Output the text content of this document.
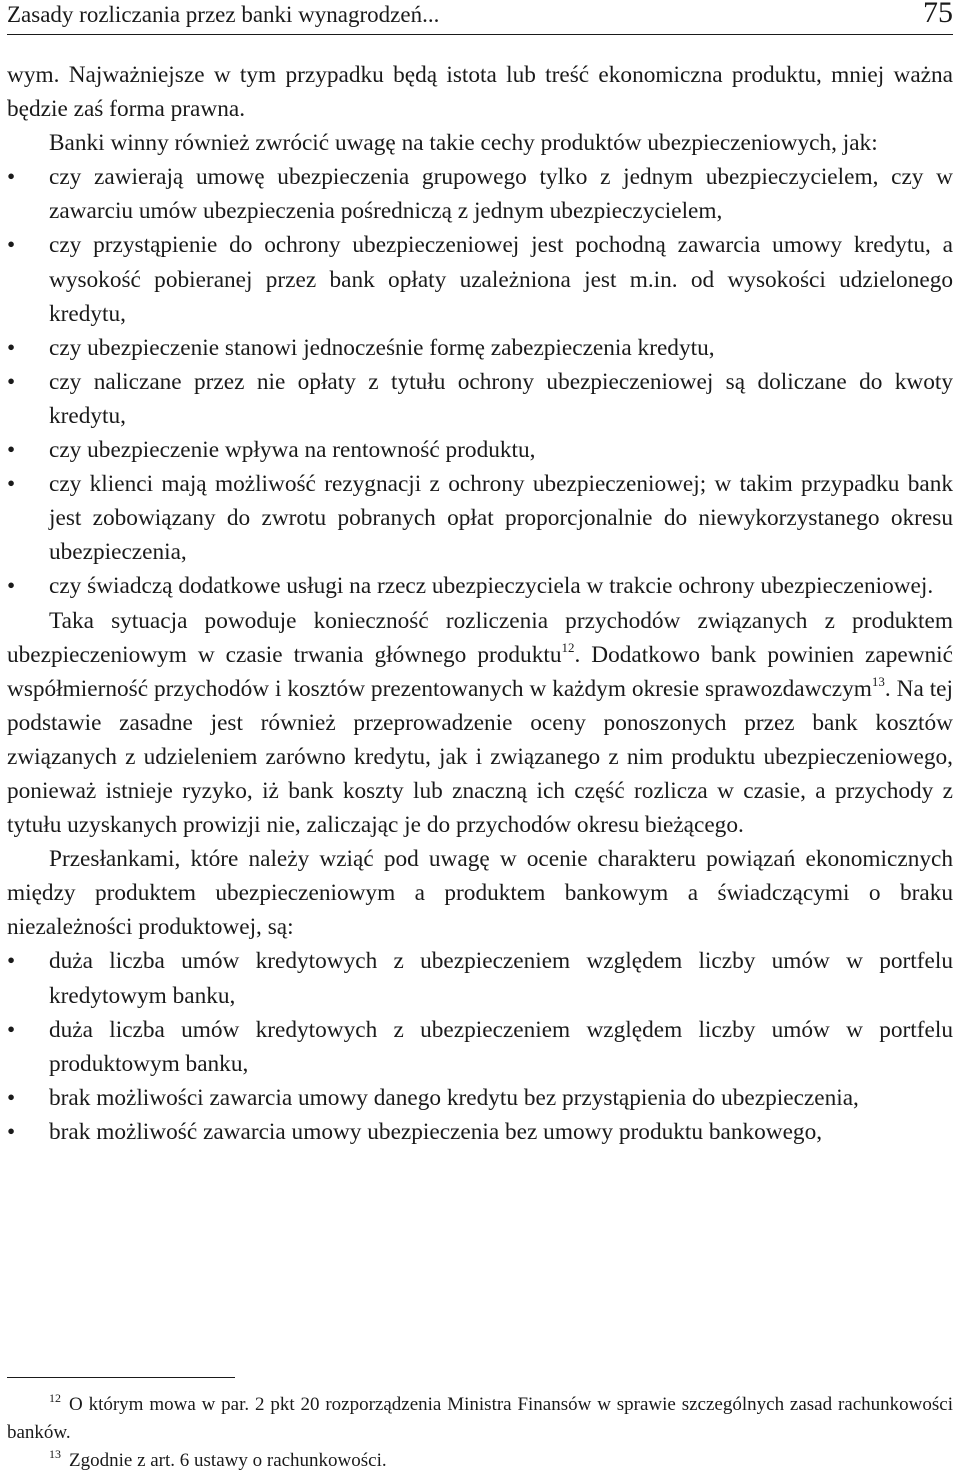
Zasady rozliczania przez banki wynagrodzeń...	75

wym. Najważniejsze w tym przypadku będą istota lub treść ekonomiczna produktu, mniej ważna będzie zaś forma prawna.

Banki winny również zwrócić uwagę na takie cechy produktów ubezpieczeniowych, jak:

• czy zawierają umowę ubezpieczenia grupowego tylko z jednym ubezpieczycielem, czy w zawarciu umów ubezpieczenia pośredniczą z jednym ubezpieczycielem,
• czy przystąpienie do ochrony ubezpieczeniowej jest pochodną zawarcia umowy kredytu, a wysokość pobieranej przez bank opłaty uzależniona jest m.in. od wysokości udzielonego kredytu,
• czy ubezpieczenie stanowi jednocześnie formę zabezpieczenia kredytu,
• czy naliczane przez nie opłaty z tytułu ochrony ubezpieczeniowej są doliczane do kwoty kredytu,
• czy ubezpieczenie wpływa na rentowność produktu,
• czy klienci mają możliwość rezygnacji z ochrony ubezpieczeniowej; w takim przypadku bank jest zobowiązany do zwrotu pobranych opłat proporcjonalnie do niewykorzystanego okresu ubezpieczenia,
• czy świadczą dodatkowe usługi na rzecz ubezpieczyciela w trakcie ochrony ubezpieczeniowej.

Taka sytuacja powoduje konieczność rozliczenia przychodów związanych z produktem ubezpieczeniowym w czasie trwania głównego produktu$^{12}$. Dodatkowo bank powinien zapewnić współmierność przychodów i kosztów prezentowanych w każdym okresie sprawozdawczym$^{13}$. Na tej podstawie zasadne jest również przeprowadzenie oceny ponoszonych przez bank kosztów związanych z udzieleniem zarówno kredytu, jak i związanego z nim produktu ubezpieczeniowego, ponieważ istnieje ryzyko, iż bank koszty lub znaczną ich część rozlicza w czasie, a przychody z tytułu uzyskanych prowizji nie, zaliczając je do przychodów okresu bieżącego.

Przesłankami, które należy wziąć pod uwagę w ocenie charakteru powiązań ekonomicznych między produktem ubezpieczeniowym a produktem bankowym a świadczącymi o braku niezależności produktowej, są:

• duża liczba umów kredytowych z ubezpieczeniem względem liczby umów w portfelu kredytowym banku,
• duża liczba umów kredytowych z ubezpieczeniem względem liczby umów w portfelu produktowym banku,
• brak możliwości zawarcia umowy danego kredytu bez przystąpienia do ubezpieczenia,
• brak możliwość zawarcia umowy ubezpieczenia bez umowy produktu bankowego,

$^{12}$ O którym mowa w par. 2 pkt 20 rozporządzenia Ministra Finansów w sprawie szczególnych zasad rachunkowości banków.

$^{13}$ Zgodnie z art. 6 ustawy o rachunkowości.
